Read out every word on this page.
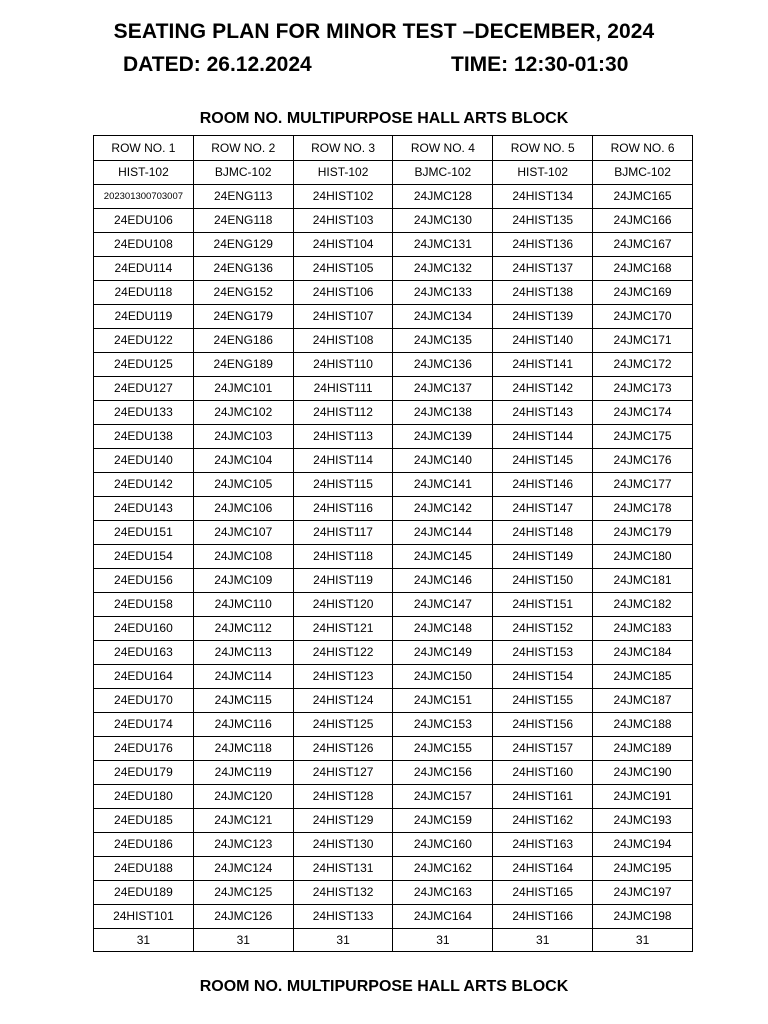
SEATING PLAN FOR MINOR TEST –DECEMBER, 2024
DATED: 26.12.2024	TIME: 12:30-01:30
ROOM NO. MULTIPURPOSE HALL ARTS BLOCK
ROW NO. 1	ROW NO. 2	ROW NO. 3	ROW NO. 4	ROW NO. 5	ROW NO. 6
HIST-102	BJMC-102	HIST-102	BJMC-102	HIST-102	BJMC-102
202301300703007	24ENG113	24HIST102	24JMC128	24HIST134	24JMC165
24EDU106	24ENG118	24HIST103	24JMC130	24HIST135	24JMC166
24EDU108	24ENG129	24HIST104	24JMC131	24HIST136	24JMC167
24EDU114	24ENG136	24HIST105	24JMC132	24HIST137	24JMC168
24EDU118	24ENG152	24HIST106	24JMC133	24HIST138	24JMC169
24EDU119	24ENG179	24HIST107	24JMC134	24HIST139	24JMC170
24EDU122	24ENG186	24HIST108	24JMC135	24HIST140	24JMC171
24EDU125	24ENG189	24HIST110	24JMC136	24HIST141	24JMC172
24EDU127	24JMC101	24HIST111	24JMC137	24HIST142	24JMC173
24EDU133	24JMC102	24HIST112	24JMC138	24HIST143	24JMC174
24EDU138	24JMC103	24HIST113	24JMC139	24HIST144	24JMC175
24EDU140	24JMC104	24HIST114	24JMC140	24HIST145	24JMC176
24EDU142	24JMC105	24HIST115	24JMC141	24HIST146	24JMC177
24EDU143	24JMC106	24HIST116	24JMC142	24HIST147	24JMC178
24EDU151	24JMC107	24HIST117	24JMC144	24HIST148	24JMC179
24EDU154	24JMC108	24HIST118	24JMC145	24HIST149	24JMC180
24EDU156	24JMC109	24HIST119	24JMC146	24HIST150	24JMC181
24EDU158	24JMC110	24HIST120	24JMC147	24HIST151	24JMC182
24EDU160	24JMC112	24HIST121	24JMC148	24HIST152	24JMC183
24EDU163	24JMC113	24HIST122	24JMC149	24HIST153	24JMC184
24EDU164	24JMC114	24HIST123	24JMC150	24HIST154	24JMC185
24EDU170	24JMC115	24HIST124	24JMC151	24HIST155	24JMC187
24EDU174	24JMC116	24HIST125	24JMC153	24HIST156	24JMC188
24EDU176	24JMC118	24HIST126	24JMC155	24HIST157	24JMC189
24EDU179	24JMC119	24HIST127	24JMC156	24HIST160	24JMC190
24EDU180	24JMC120	24HIST128	24JMC157	24HIST161	24JMC191
24EDU185	24JMC121	24HIST129	24JMC159	24HIST162	24JMC193
24EDU186	24JMC123	24HIST130	24JMC160	24HIST163	24JMC194
24EDU188	24JMC124	24HIST131	24JMC162	24HIST164	24JMC195
24EDU189	24JMC125	24HIST132	24JMC163	24HIST165	24JMC197
24HIST101	24JMC126	24HIST133	24JMC164	24HIST166	24JMC198
31	31	31	31	31	31
ROOM NO. MULTIPURPOSE HALL ARTS BLOCK
